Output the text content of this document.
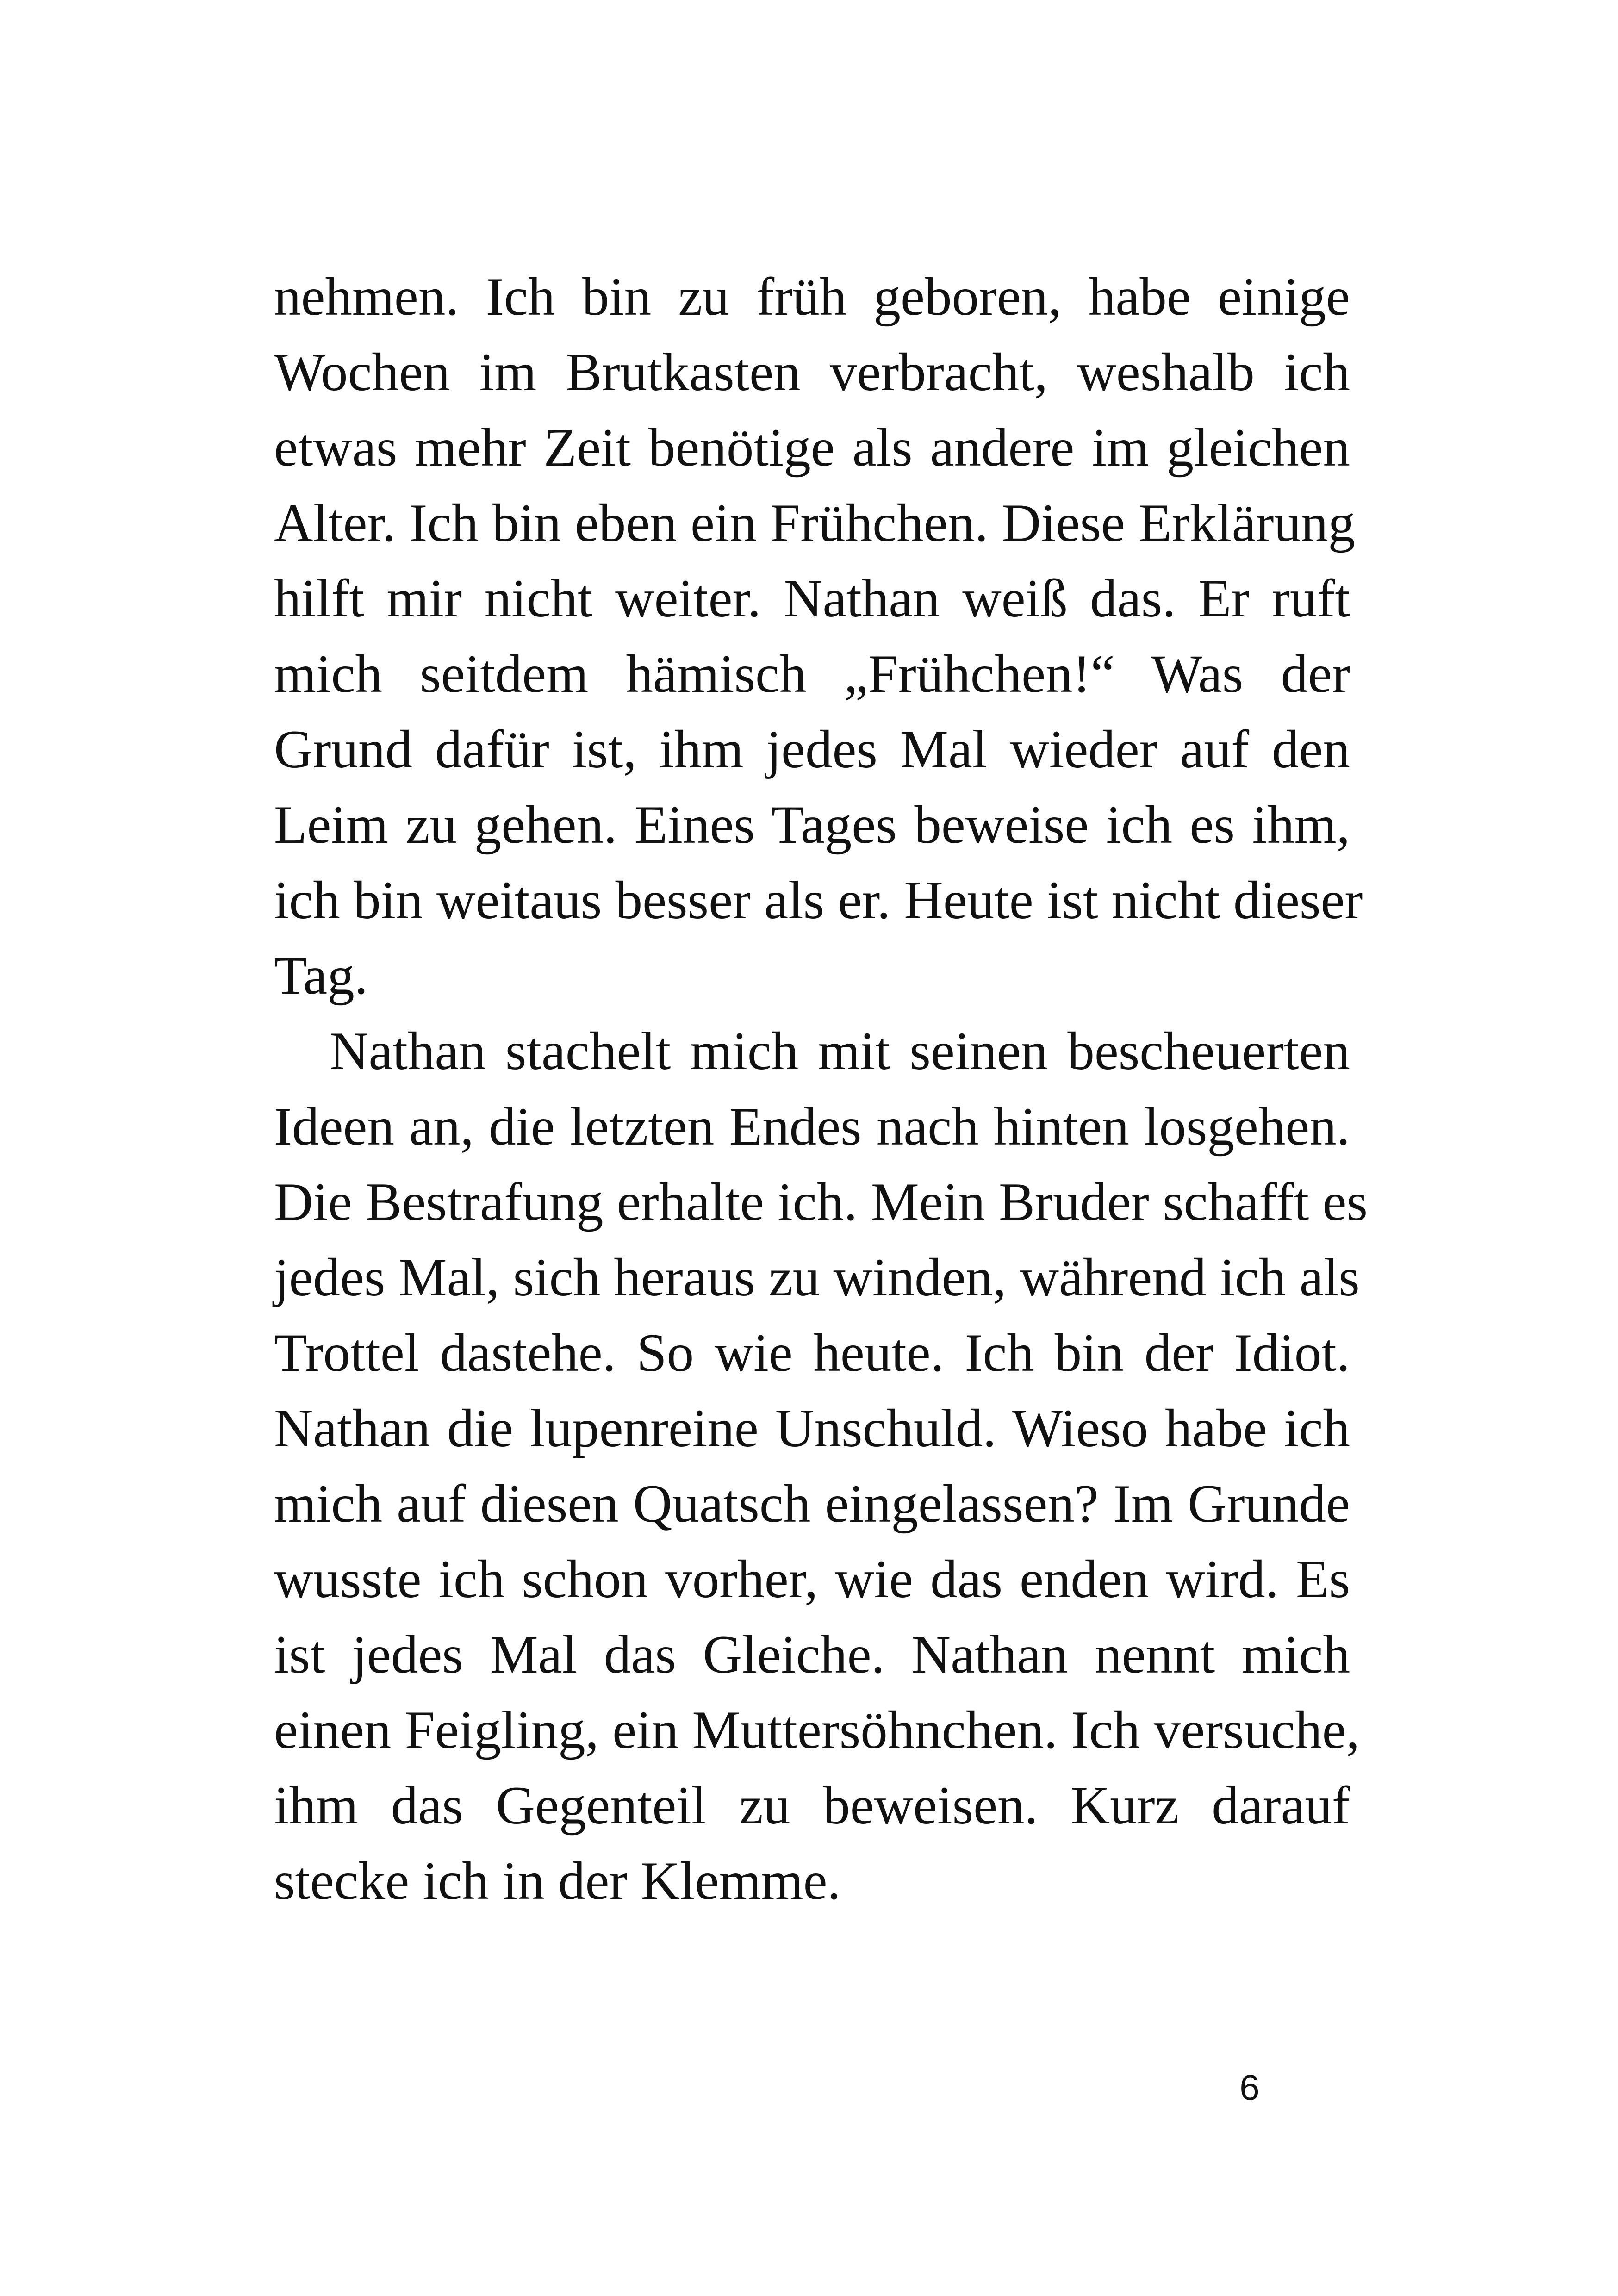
nehmen. Ich bin zu früh geboren, habe einige
Wochen im Brutkasten verbracht, weshalb ich
etwas mehr Zeit benötige als andere im gleichen
Alter. Ich bin eben ein Frühchen. Diese Erklärung
hilft mir nicht weiter. Nathan weiß das. Er ruft
mich seitdem hämisch „Frühchen!“ Was der
Grund dafür ist, ihm jedes Mal wieder auf den
Leim zu gehen. Eines Tages beweise ich es ihm,
ich bin weitaus besser als er. Heute ist nicht dieser
Tag.
Nathan stachelt mich mit seinen bescheuerten
Ideen an, die letzten Endes nach hinten losgehen.
Die Bestrafung erhalte ich. Mein Bruder schafft es
jedes Mal, sich heraus zu winden, während ich als
Trottel dastehe. So wie heute. Ich bin der Idiot.
Nathan die lupenreine Unschuld. Wieso habe ich
mich auf diesen Quatsch eingelassen? Im Grunde
wusste ich schon vorher, wie das enden wird. Es
ist jedes Mal das Gleiche. Nathan nennt mich
einen Feigling, ein Muttersöhnchen. Ich versuche,
ihm das Gegenteil zu beweisen. Kurz darauf
stecke ich in der Klemme.
6
